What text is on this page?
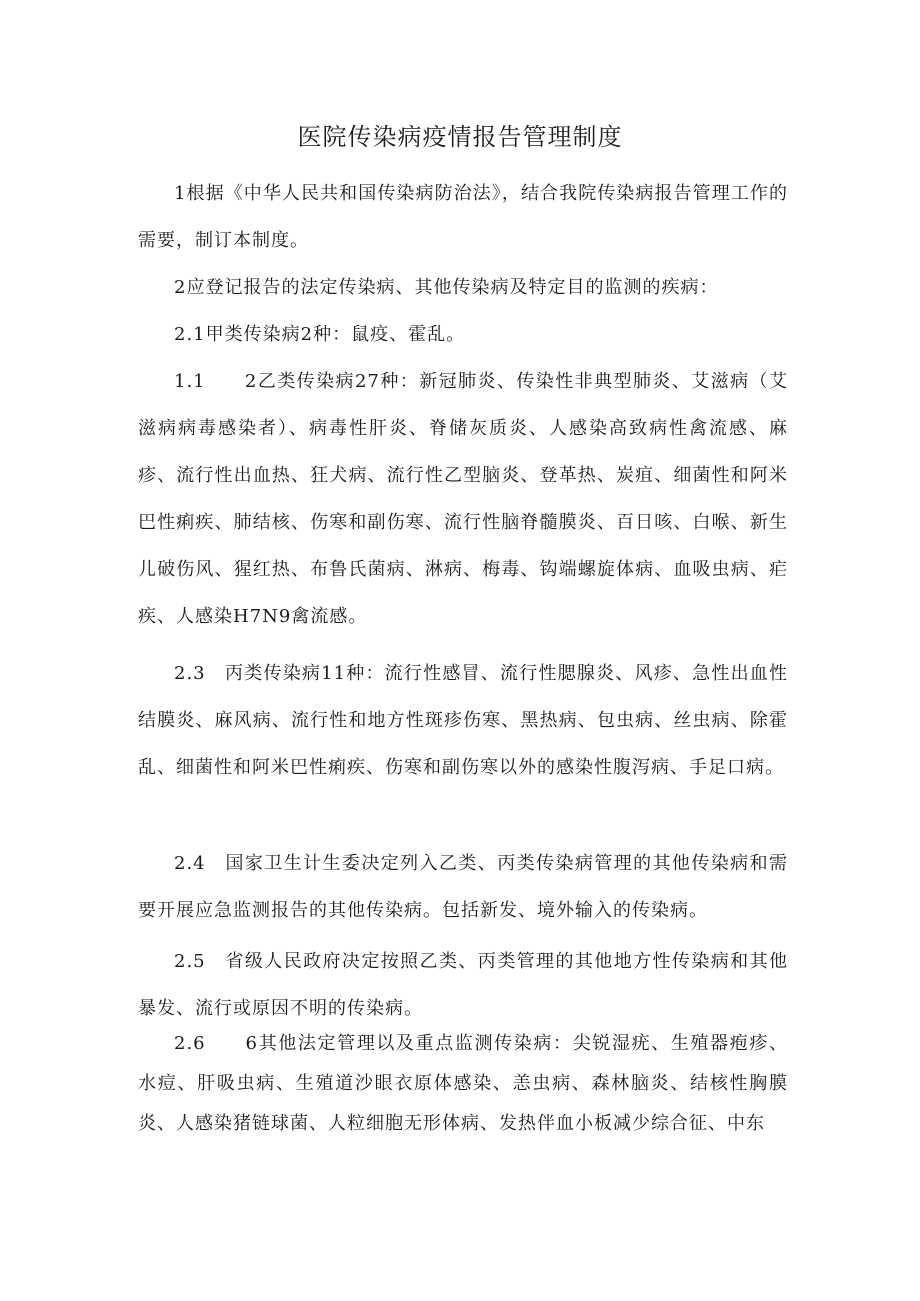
医院传染病疫情报告管理制度

1根据《中华人民共和国传染病防治法》，结合我院传染病报告管理工作的需要，制订本制度。

2应登记报告的法定传染病、其他传染病及特定目的监测的疾病：

2.1甲类传染病2种：鼠疫、霍乱。

1.1　　2乙类传染病27种：新冠肺炎、传染性非典型肺炎、艾滋病（艾滋病病毒感染者）、病毒性肝炎、脊储灰质炎、人感染高致病性禽流感、麻疹、流行性出血热、狂犬病、流行性乙型脑炎、登革热、炭疽、细菌性和阿米巴性痢疾、肺结核、伤寒和副伤寒、流行性脑脊髓膜炎、百日咳、白喉、新生儿破伤风、猩红热、布鲁氏菌病、淋病、梅毒、钩端螺旋体病、血吸虫病、疟疾、人感染H7N9禽流感。

2.3　丙类传染病11种：流行性感冒、流行性腮腺炎、风疹、急性出血性结膜炎、麻风病、流行性和地方性斑疹伤寒、黑热病、包虫病、丝虫病、除霍乱、细菌性和阿米巴性痢疾、伤寒和副伤寒以外的感染性腹泻病、手足口病。

2.4　国家卫生计生委决定列入乙类、丙类传染病管理的其他传染病和需要开展应急监测报告的其他传染病。包括新发、境外输入的传染病。

2.5　省级人民政府决定按照乙类、丙类管理的其他地方性传染病和其他暴发、流行或原因不明的传染病。

2.6　　6其他法定管理以及重点监测传染病：尖锐湿疣、生殖器疱疹、水痘、肝吸虫病、生殖道沙眼衣原体感染、恙虫病、森林脑炎、结核性胸膜炎、人感染猪链球菌、人粒细胞无形体病、发热伴血小板减少综合征、中东
